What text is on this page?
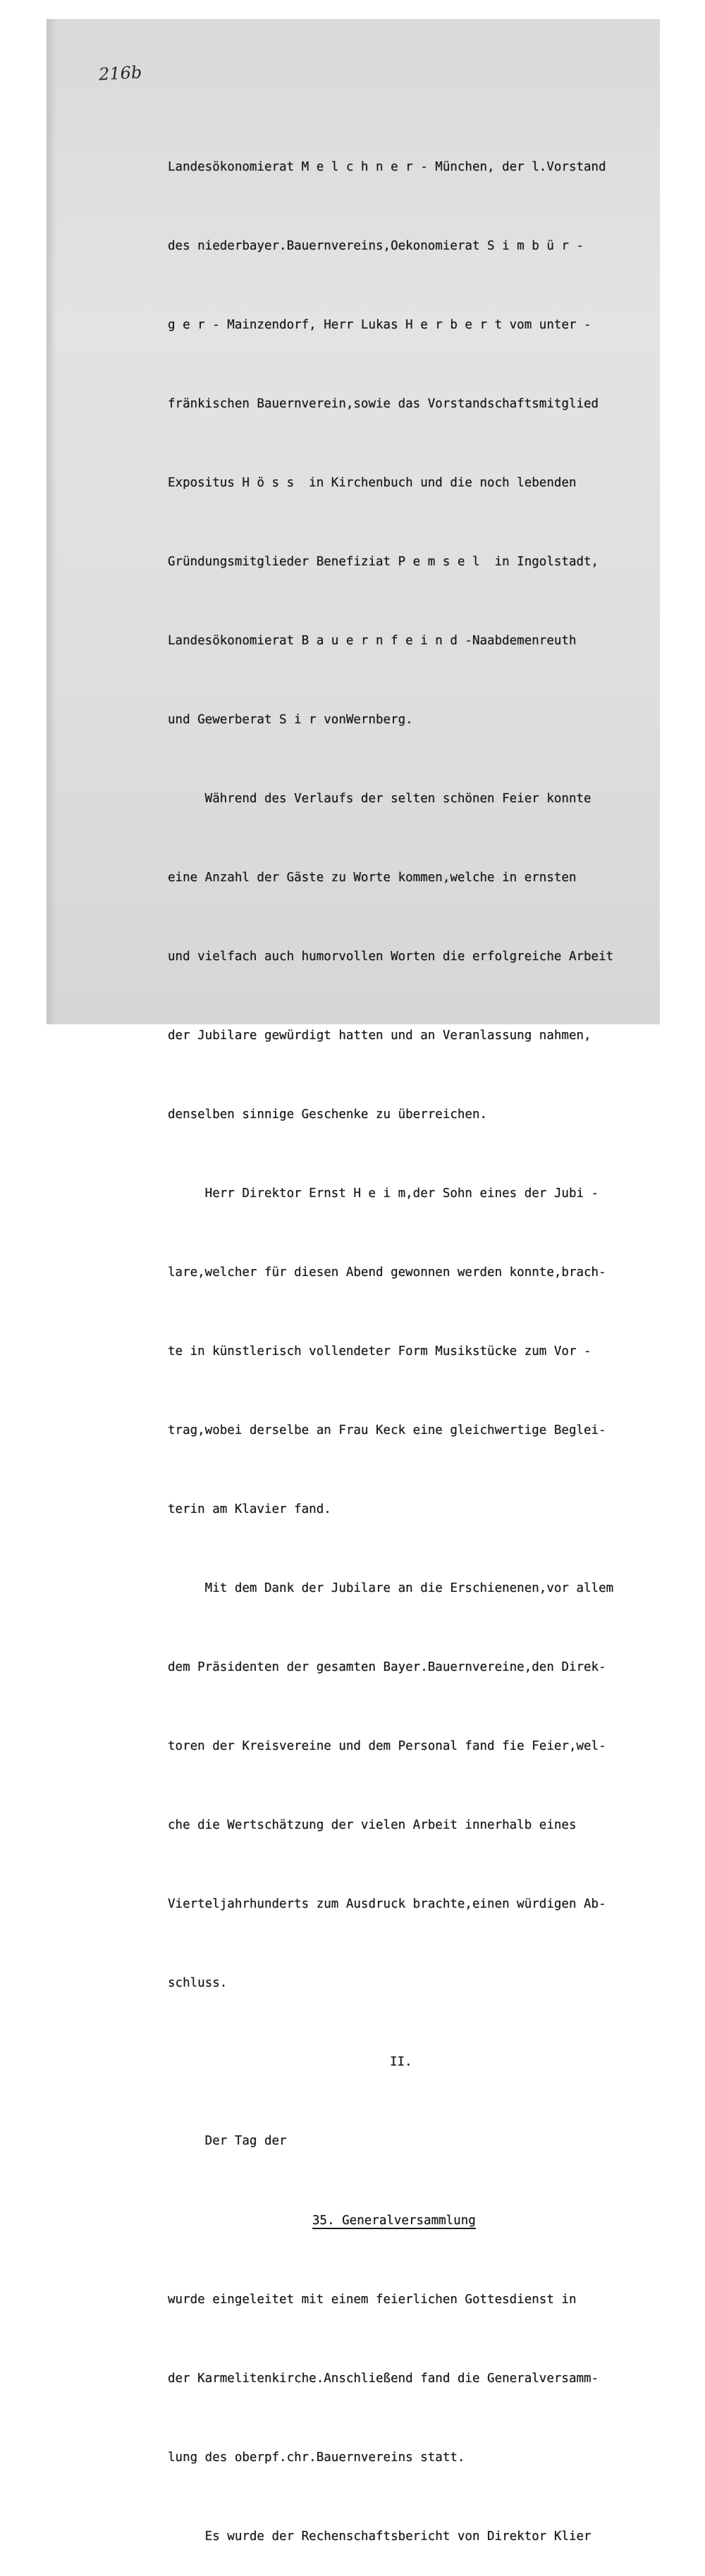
216b

Landesökonomierat M e l c h n e r - München, der l.Vorstand

des niederbayer.Bauernvereins,Oekonomierat S i m b ü r -

g e r - Mainzendorf, Herr Lukas H e r b e r t vom unter -

fränkischen Bauernverein,sowie das Vorstandschaftsmitglied

Expositus H ö s s  in Kirchenbuch und die noch lebenden

Gründungsmitglieder Benefiziat P e m s e l  in Ingolstadt,

Landesökonomierat B a u e r n f e i n d -Naabdemenreuth

und Gewerberat S i r vonWernberg.

Während des Verlaufs der selten schönen Feier konnte

eine Anzahl der Gäste zu Worte kommen,welche in ernsten

und vielfach auch humorvollen Worten die erfolgreiche Arbeit

der Jubilare gewürdigt hatten und an Veranlassung nahmen,

denselben sinnige Geschenke zu überreichen.

Herr Direktor Ernst H e i m,der Sohn eines der Jubi -

lare,welcher für diesen Abend gewonnen werden konnte,brach-

te in künstlerisch vollendeter Form Musikstücke zum Vor -

trag,wobei derselbe an Frau Keck eine gleichwertige Beglei-

terin am Klavier fand.

Mit dem Dank der Jubilare an die Erschienenen,vor allem

dem Präsidenten der gesamten Bayer.Bauernvereine,den Direk-

toren der Kreisvereine und dem Personal fand fie Feier,wel-

che die Wertschätzung der vielen Arbeit innerhalb eines

Vierteljahrhunderts zum Ausdruck brachte,einen würdigen Ab-

schluss.

II.

Der Tag der

35. Generalversammlung

wurde eingeleitet mit einem feierlichen Gottesdienst in

der Karmelitenkirche.Anschließend fand die Generalversamm-

lung des oberpf.chr.Bauernvereins statt.

Es wurde der Rechenschaftsbericht von Direktor Klier
